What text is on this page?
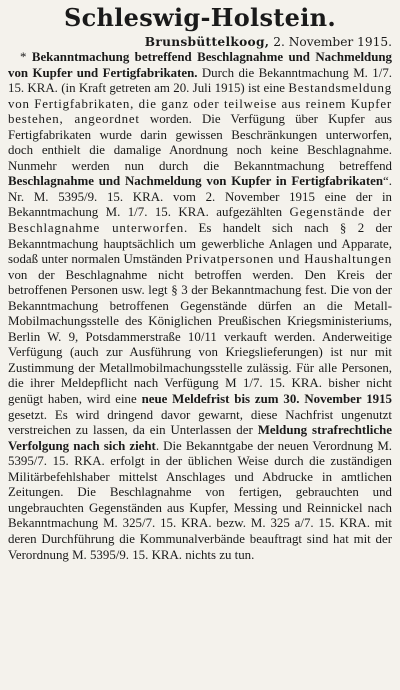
Schleswig-Holstein.

Brunsbüttelkoog, 2. November 1915.

* Bekanntmachung betreffend Beschlagnahme und Nachmeldung von Kupfer und Fertigfabrikaten. Durch die Bekanntmachung M. 1/7. 15. KRA. (in Kraft getreten am 20. Juli 1915) ist eine Bestandsmeldung von Fertigfabrikaten, die ganz oder teilweise aus reinem Kupfer bestehen, angeordnet worden. Die Verfügung über Kupfer aus Fertigfabrikaten wurde darin gewissen Beschränkungen unterworfen, doch enthielt die damalige Anordnung noch keine Beschlagnahme. Nunmehr werden nun durch die Bekanntmachung betreffend Beschlagnahme und Nachmeldung von Kupfer in Fertigfabrikaten“. Nr. M. 5395/9. 15. KRA. vom 2. November 1915 eine der in Bekanntmachung M. 1/7. 15. KRA. aufgezählten Gegenstände der Beschlagnahme unterworfen. Es handelt sich nach § 2 der Bekanntmachung hauptsächlich um gewerbliche Anlagen und Apparate, sodaß unter normalen Umständen Privatpersonen und Haushaltungen von der Beschlagnahme nicht betroffen werden. Den Kreis der betroffenen Personen usw. legt § 3 der Bekanntmachung fest. Die von der Bekanntmachung betroffenen Gegenstände dürfen an die Metall-Mobilmachungsstelle des Königlichen Preußischen Kriegsministeriums, Berlin W. 9, Potsdammerstraße 10/11 verkauft werden. Anderweitige Verfügung (auch zur Ausführung von Kriegslieferungen) ist nur mit Zustimmung der Metallmobilmachungsstelle zulässig. Für alle Personen, die ihrer Meldepflicht nach Verfügung M 1/7. 15. KRA. bisher nicht genügt haben, wird eine neue Meldefrist bis zum 30. November 1915 gesetzt. Es wird dringend davor gewarnt, diese Nachfrist ungenutzt verstreichen zu lassen, da ein Unterlassen der Meldung strafrechtliche Verfolgung nach sich zieht. Die Bekanntgabe der neuen Verordnung M. 5395/7. 15. RKA. erfolgt in der üblichen Weise durch die zuständigen Militärbefehlshaber mittelst Anschlages und Abdrucke in amtlichen Zeitungen. Die Beschlagnahme von fertigen, gebrauchten und ungebrauchten Gegenständen aus Kupfer, Messing und Reinnickel nach Bekanntmachung M. 325/7. 15. KRA. bezw. M. 325 a/7. 15. KRA. mit deren Durchführung die Kommunalverbände beauftragt sind hat mit der Verordnung M. 5395/9. 15. KRA. nichts zu tun.
